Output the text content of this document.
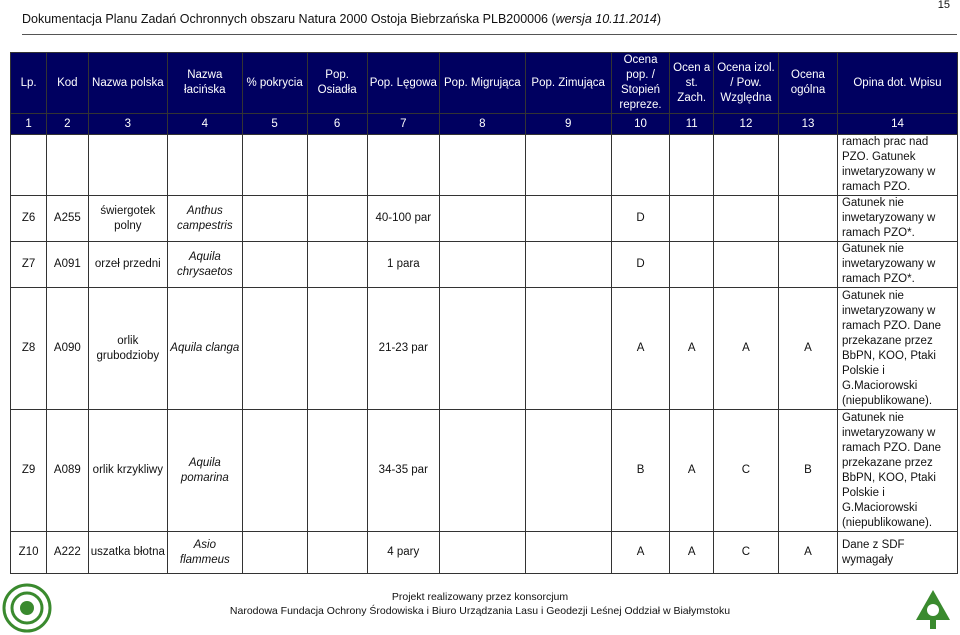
Dokumentacja Planu Zadań Ochronnych obszaru Natura 2000 Ostoja Biebrzańska PLB200006 (wersja 10.11.2014)
15
Lp.	Kod	Nazwa polska	Nazwa łacińska	% pokrycia	Pop. Osiadła	Pop. Lęgowa	Pop. Migrująca	Pop. Zimująca	Ocena pop. / Stopień repreze.	Ocen a st. Zach.	Ocena izol. / Pow. Względna	Ocena ogólna	Opina dot. Wpisu
1	2	3	4	5	6	7	8	9	10	11	12	13	14
													ramach prac nad PZO. Gatunek inwetaryzowany w ramach PZO.
Z6	A255	świergotek polny	Anthus campestris			40-100 par			D				Gatunek nie inwetaryzowany w ramach PZO*.
Z7	A091	orzeł przedni	Aquila chrysaetos			1 para			D				Gatunek nie inwetaryzowany w ramach PZO*.
Z8	A090	orlik grubodzioby	Aquila clanga			21-23 par			A	A	A	A	Gatunek nie inwetaryzowany w ramach PZO. Dane przekazane przez BbPN, KOO, Ptaki Polskie i G.Maciorowski (niepublikowane).
Z9	A089	orlik krzykliwy	Aquila pomarina			34-35 par			B	A	C	B	Gatunek nie inwetaryzowany w ramach PZO. Dane przekazane przez BbPN, KOO, Ptaki Polskie i G.Maciorowski (niepublikowane).
Z10	A222	uszatka błotna	Asio flammeus			4 pary			A	A	C	A	Dane z SDF wymagały
Projekt realizowany przez konsorcjum
Narodowa Fundacja Ochrony Środowiska i Biuro Urządzania Lasu i Geodezji Leśnej Oddział w Białymstoku
